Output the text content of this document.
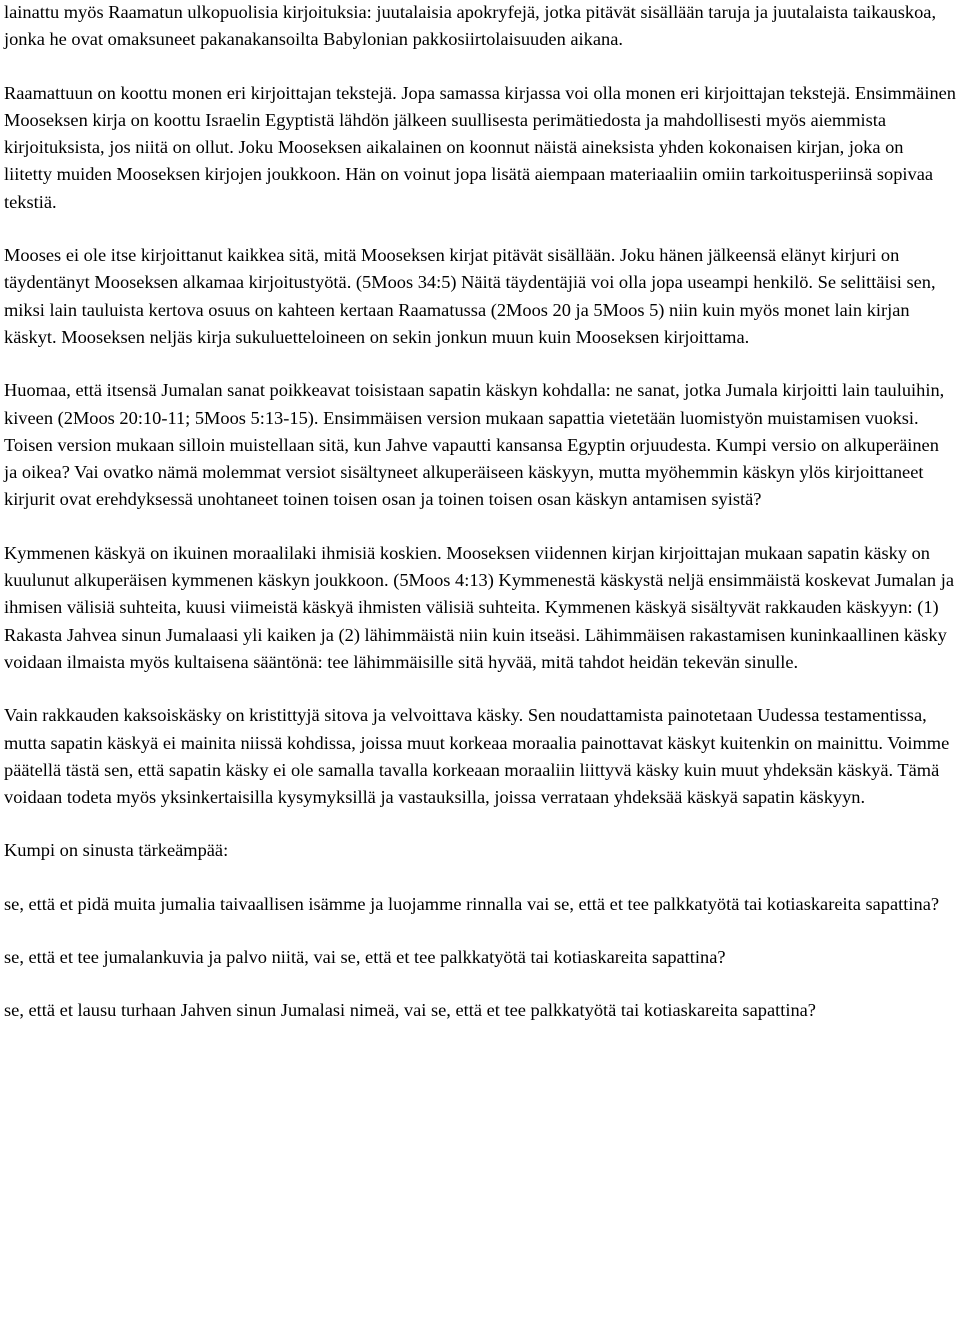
lainattu myös Raamatun ulkopuolisia kirjoituksia: juutalaisia apokryfejä, jotka pitävät sisällään taruja ja juutalaista taikauskoa, jonka he ovat omaksuneet pakanakansoilta Babylonian pakkosiirtolaisuuden aikana.

Raamattuun on koottu monen eri kirjoittajan tekstejä. Jopa samassa kirjassa voi olla monen eri kirjoittajan tekstejä. Ensimmäinen Mooseksen kirja on koottu Israelin Egyptistä lähdön jälkeen suullisesta perimätiedosta ja mahdollisesti myös aiemmista kirjoituksista, jos niitä on ollut. Joku Mooseksen aikalainen on koonnut näistä aineksista yhden kokonaisen kirjan, joka on liitetty muiden Mooseksen kirjojen joukkoon. Hän on voinut jopa lisätä aiempaan materiaaliin omiin tarkoitusperiinsä sopivaa tekstiä.

Mooses ei ole itse kirjoittanut kaikkea sitä, mitä Mooseksen kirjat pitävät sisällään. Joku hänen jälkeensä elänyt kirjuri on täydentänyt Mooseksen alkamaa kirjoitustyötä. (5Moos 34:5) Näitä täydentäjiä voi olla jopa useampi henkilö. Se selittäisi sen, miksi lain tauluista kertova osuus on kahteen kertaan Raamatussa (2Moos 20 ja 5Moos 5) niin kuin myös monet lain kirjan käskyt. Mooseksen neljäs kirja sukuluetteloineen on sekin jonkun muun kuin Mooseksen kirjoittama.

Huomaa, että itsensä Jumalan sanat poikkeavat toisistaan sapatin käskyn kohdalla: ne sanat, jotka Jumala kirjoitti lain tauluihin, kiveen (2Moos 20:10-11; 5Moos 5:13-15). Ensimmäisen version mukaan sapattia vietetään luomistyön muistamisen vuoksi. Toisen version mukaan silloin muistellaan sitä, kun Jahve vapautti kansansa Egyptin orjuudesta. Kumpi versio on alkuperäinen ja oikea? Vai ovatko nämä molemmat versiot sisältyneet alkuperäiseen käskyyn, mutta myöhemmin käskyn ylös kirjoittaneet kirjurit ovat erehdyksessä unohtaneet toinen toisen osan ja toinen toisen osan käskyn antamisen syistä?

Kymmenen käskyä on ikuinen moraalilaki ihmisiä koskien. Mooseksen viidennen kirjan kirjoittajan mukaan sapatin käsky on kuulunut alkuperäisen kymmenen käskyn joukkoon. (5Moos 4:13) Kymmenestä käskystä neljä ensimmäistä koskevat Jumalan ja ihmisen välisiä suhteita, kuusi viimeistä käskyä ihmisten välisiä suhteita. Kymmenen käskyä sisältyvät rakkauden käskyyn: (1) Rakasta Jahvea sinun Jumalaasi yli kaiken ja (2) lähimmäistä niin kuin itseäsi. Lähimmäisen rakastamisen kuninkaallinen käsky voidaan ilmaista myös kultaisena sääntönä: tee lähimmäisille sitä hyvää, mitä tahdot heidän tekevän sinulle.

Vain rakkauden kaksoiskäsky on kristittyjä sitova ja velvoittava käsky. Sen noudattamista painotetaan Uudessa testamentissa, mutta sapatin käskyä ei mainita niissä kohdissa, joissa muut korkeaa moraalia painottavat käskyt kuitenkin on mainittu. Voimme päätellä tästä sen, että sapatin käsky ei ole samalla tavalla korkeaan moraaliin liittyvä käsky kuin muut yhdeksän käskyä. Tämä voidaan todeta myös yksinkertaisilla kysymyksillä ja vastauksilla, joissa verrataan yhdeksää käskyä sapatin käskyyn.

Kumpi on sinusta tärkeämpää:

se, että et pidä muita jumalia taivaallisen isämme ja luojamme rinnalla vai se, että et tee palkkatyötä tai kotiaskareita sapattina?

se, että et tee jumalankuvia ja palvo niitä, vai se, että et tee palkkatyötä tai kotiaskareita sapattina?

se, että et lausu turhaan Jahven sinun Jumalasi nimeä, vai se, että et tee palkkatyötä tai kotiaskareita sapattina?
